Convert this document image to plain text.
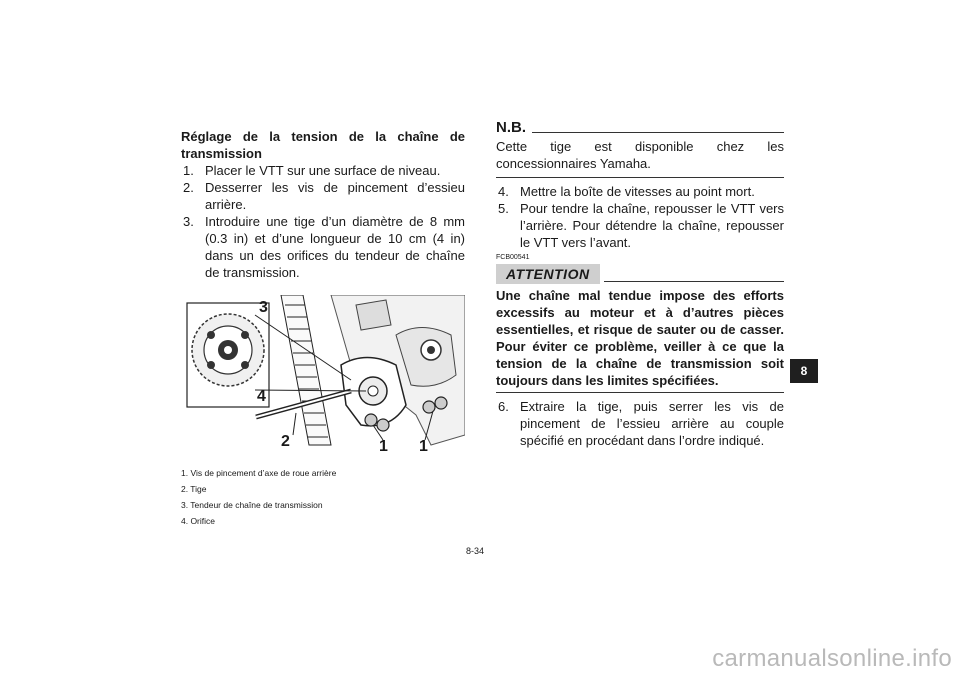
Réglage de la tension de la chaîne de transmission

1. Placer le VTT sur une surface de niveau.
2. Desserrer les vis de pincement d’essieu arrière.
3. Introduire une tige d’un diamètre de 8 mm (0.3 in) et d’une longueur de 10 cm (4 in) dans un des orifices du tendeur de chaîne de transmission.
3
4
2	1 1
1. Vis de pincement d’axe de roue arrière
2. Tige
3. Tendeur de chaîne de transmission
4. Orifice
N.B.
Cette tige est disponible chez les concessionnaires Yamaha.
4. Mettre la boîte de vitesses au point mort.
5. Pour tendre la chaîne, repousser le VTT vers l’arrière. Pour détendre la chaîne, repousser le VTT vers l’avant.
FCB00541
ATTENTION
Une chaîne mal tendue impose des efforts excessifs au moteur et à d’autres pièces essentielles, et risque de sauter ou de casser. Pour éviter ce problème, veiller à ce que la tension de la chaîne de transmission soit toujours dans les limites spécifiées.
6. Extraire la tige, puis serrer les vis de pincement de l’essieu arrière au couple spécifié en procédant dans l’ordre indiqué.
8-34
8
carmanualsonline.info
